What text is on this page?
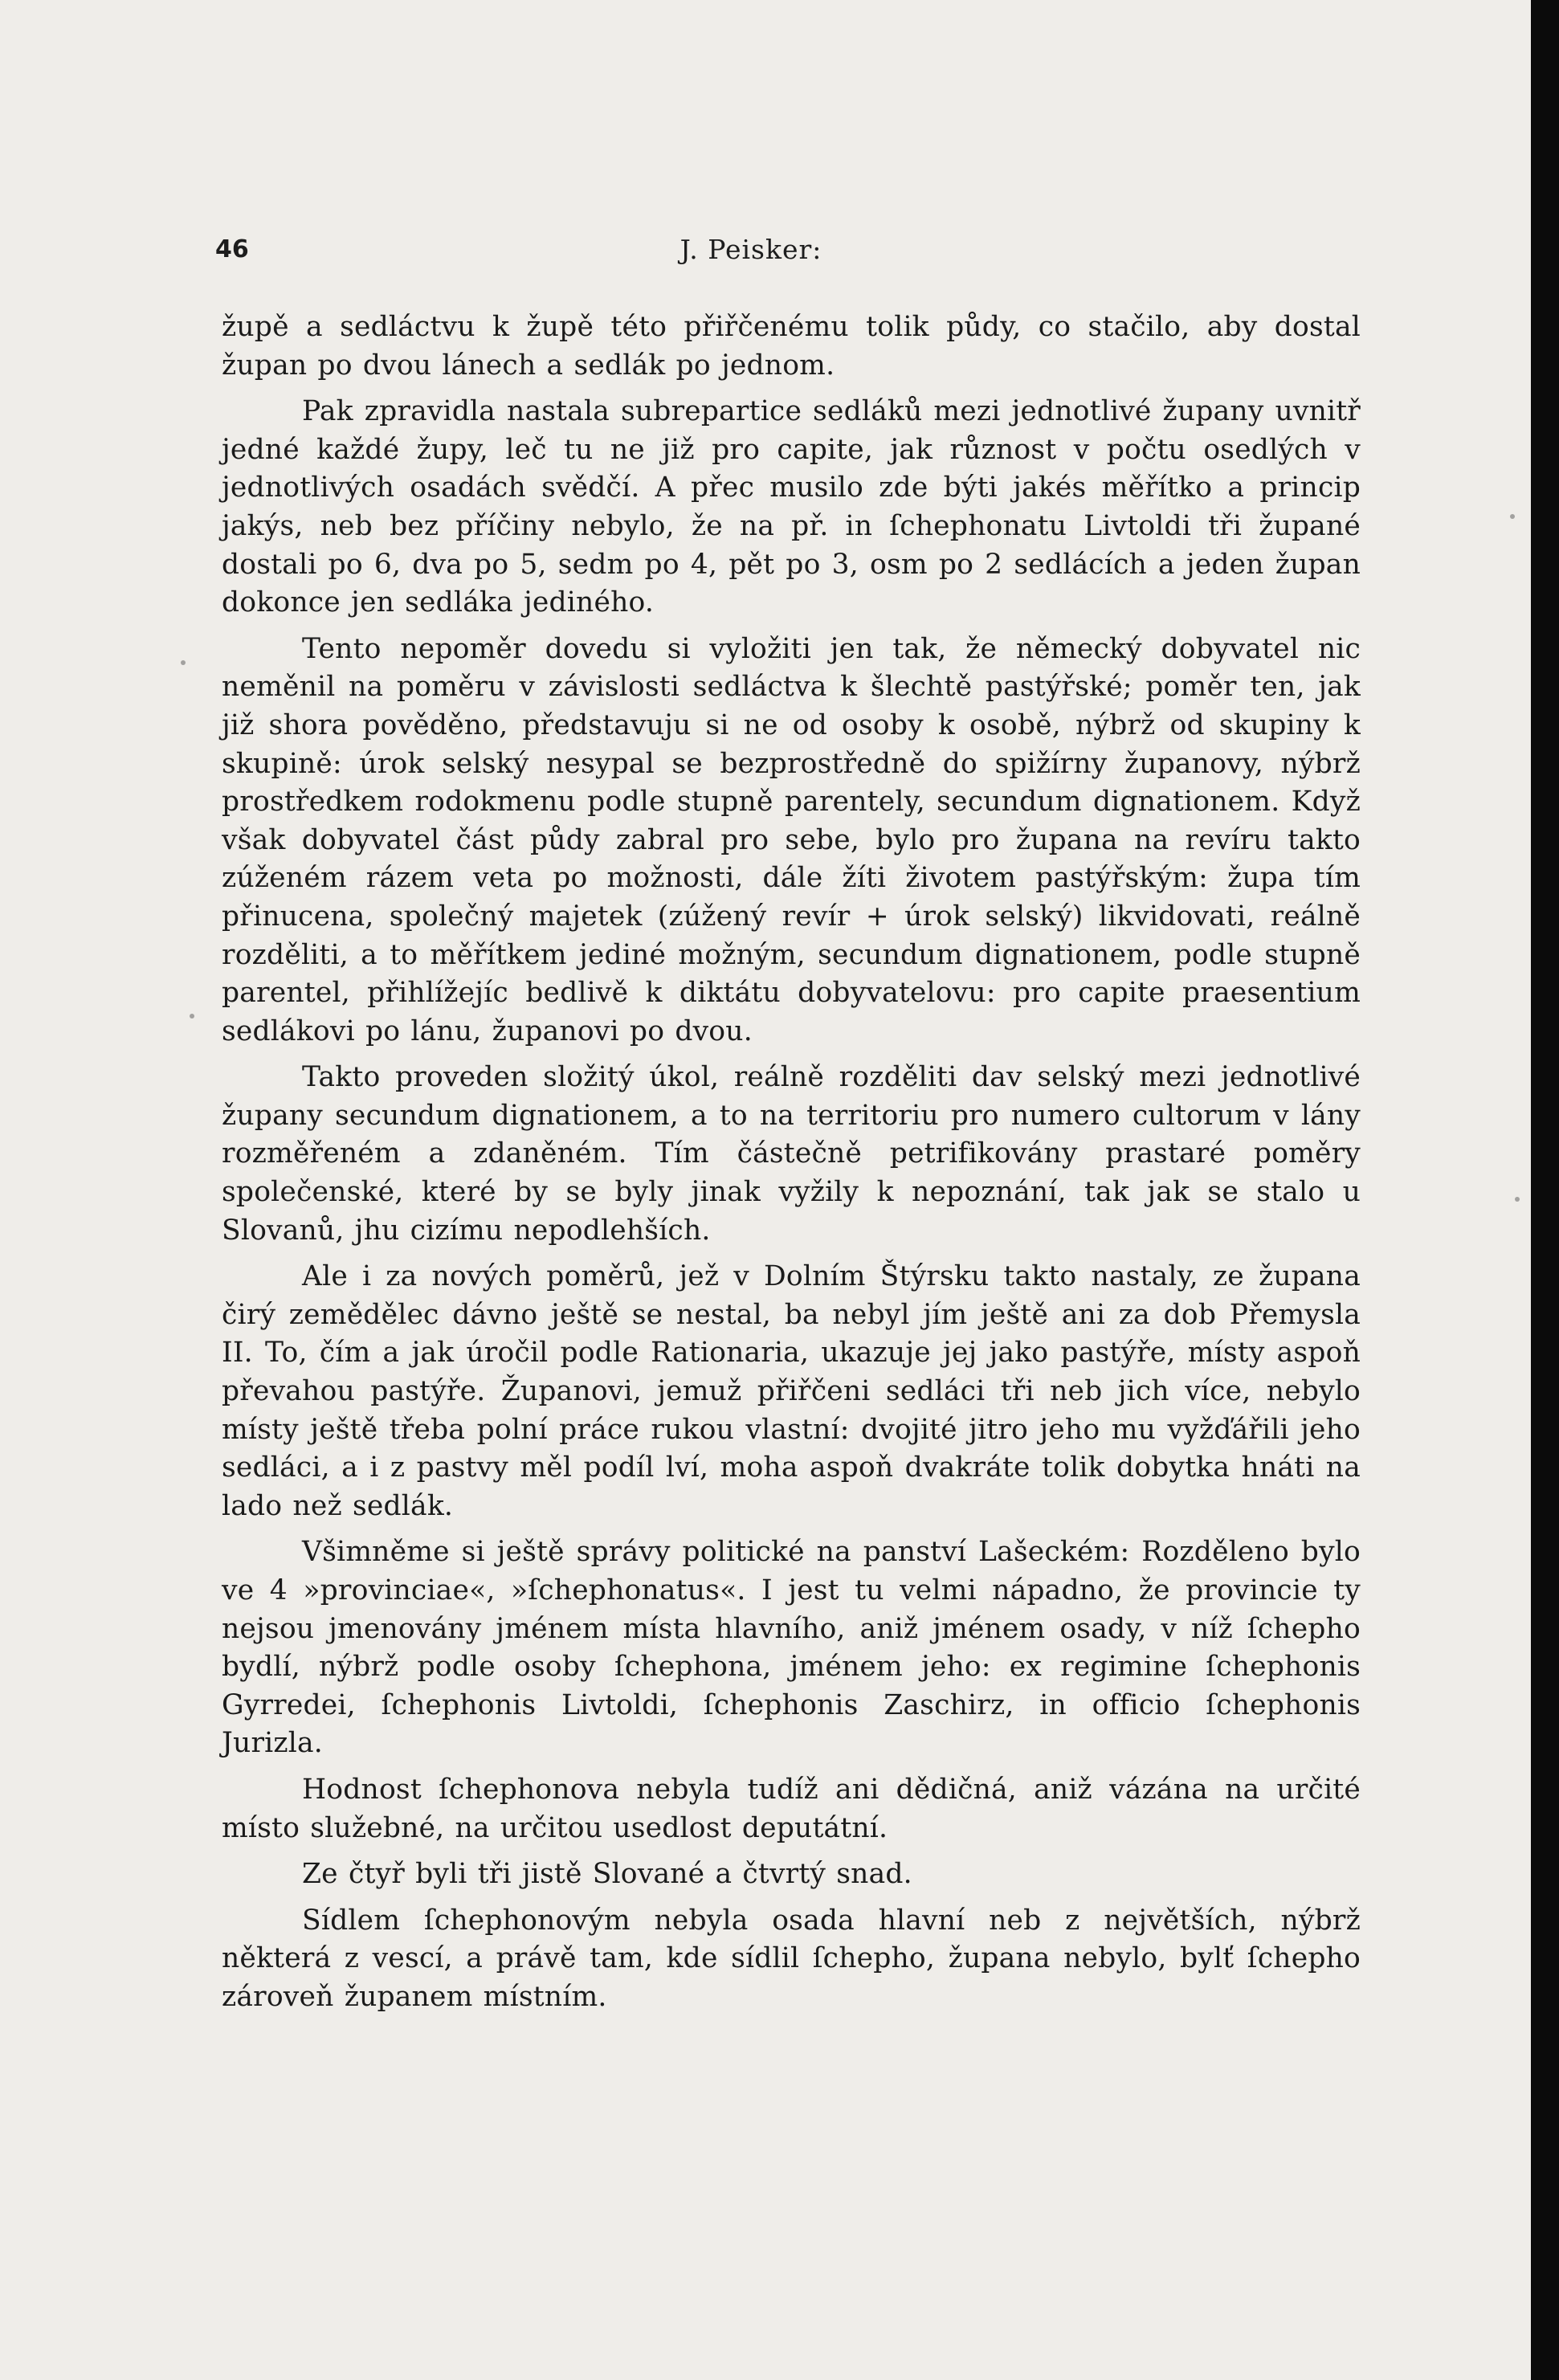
46	J. Peisker:

župě a sedláctvu k župě této přiřčenému tolik půdy, co stačilo, aby dostal župan po dvou lánech a sedlák po jednom.

Pak zpravidla nastala subrepartice sedláků mezi jednotlivé župany uvnitř jedné každé župy, leč tu ne již pro capite, jak různost v počtu osedlých v jednotlivých osadách svědčí. A přec musilo zde býti jakés měřítko a princip jakýs, neb bez příčiny nebylo, že na př. in ſchephonatu Livtoldi tři župané dostali po 6, dva po 5, sedm po 4, pět po 3, osm po 2 sedlácích a jeden župan dokonce jen sedláka jediného.

Tento nepoměr dovedu si vyložiti jen tak, že německý dobyvatel nic neměnil na poměru v závislosti sedláctva k šlechtě pastýřské; poměr ten, jak již shora pověděno, představuju si ne od osoby k osobě, nýbrž od skupiny k skupině: úrok selský nesypal se bezprostředně do spižírny županovy, nýbrž prostředkem rodokmenu podle stupně parentely, secundum dignationem. Když však dobyvatel část půdy zabral pro sebe, bylo pro župana na revíru takto zúženém rázem veta po možnosti, dále žíti životem pastýřským: župa tím přinucena, společný majetek (zúžený revír + úrok selský) likvidovati, reálně rozděliti, a to měřítkem jediné možným, secundum dignationem, podle stupně parentel, přihlížejíc bedlivě k diktátu dobyvatelovu: pro capite praesentium sedlákovi po lánu, županovi po dvou.

Takto proveden složitý úkol, reálně rozděliti dav selský mezi jednotlivé župany secundum dignationem, a to na territoriu pro numero cultorum v lány rozměřeném a zdaněném. Tím částečně petrifikovány prastaré poměry společenské, které by se byly jinak vyžily k nepoznání, tak jak se stalo u Slovanů, jhu cizímu nepodlehších.

Ale i za nových poměrů, jež v Dolním Štýrsku takto nastaly, ze župana čirý zemědělec dávno ještě se nestal, ba nebyl jím ještě ani za dob Přemysla II. To, čím a jak úročil podle Rationaria, ukazuje jej jako pastýře, místy aspoň převahou pastýře. Županovi, jemuž přiřčeni sedláci tři neb jich více, nebylo místy ještě třeba polní práce rukou vlastní: dvojité jitro jeho mu vyžďářili jeho sedláci, a i z pastvy měl podíl lví, moha aspoň dvakráte tolik dobytka hnáti na lado než sedlák.

Všimněme si ještě správy politické na panství Lašeckém: Rozděleno bylo ve 4 »provinciae«, »ſchephonatus«. I jest tu velmi nápadno, že provincie ty nejsou jmenovány jménem místa hlavního, aniž jménem osady, v níž ſchepho bydlí, nýbrž podle osoby ſchephona, jménem jeho: ex regimine ſchephonis Gyrredei, ſchephonis Livtoldi, ſchephonis Zaschirz, in officio ſchephonis Jurizla.

Hodnost ſchephonova nebyla tudíž ani dědičná, aniž vázána na určité místo služebné, na určitou usedlost deputátní.

Ze čtyř byli tři jistě Slované a čtvrtý snad.

Sídlem ſchephonovým nebyla osada hlavní neb z největších, nýbrž některá z vescí, a právě tam, kde sídlil ſchepho, župana nebylo, bylť ſchepho zároveň županem místním.
